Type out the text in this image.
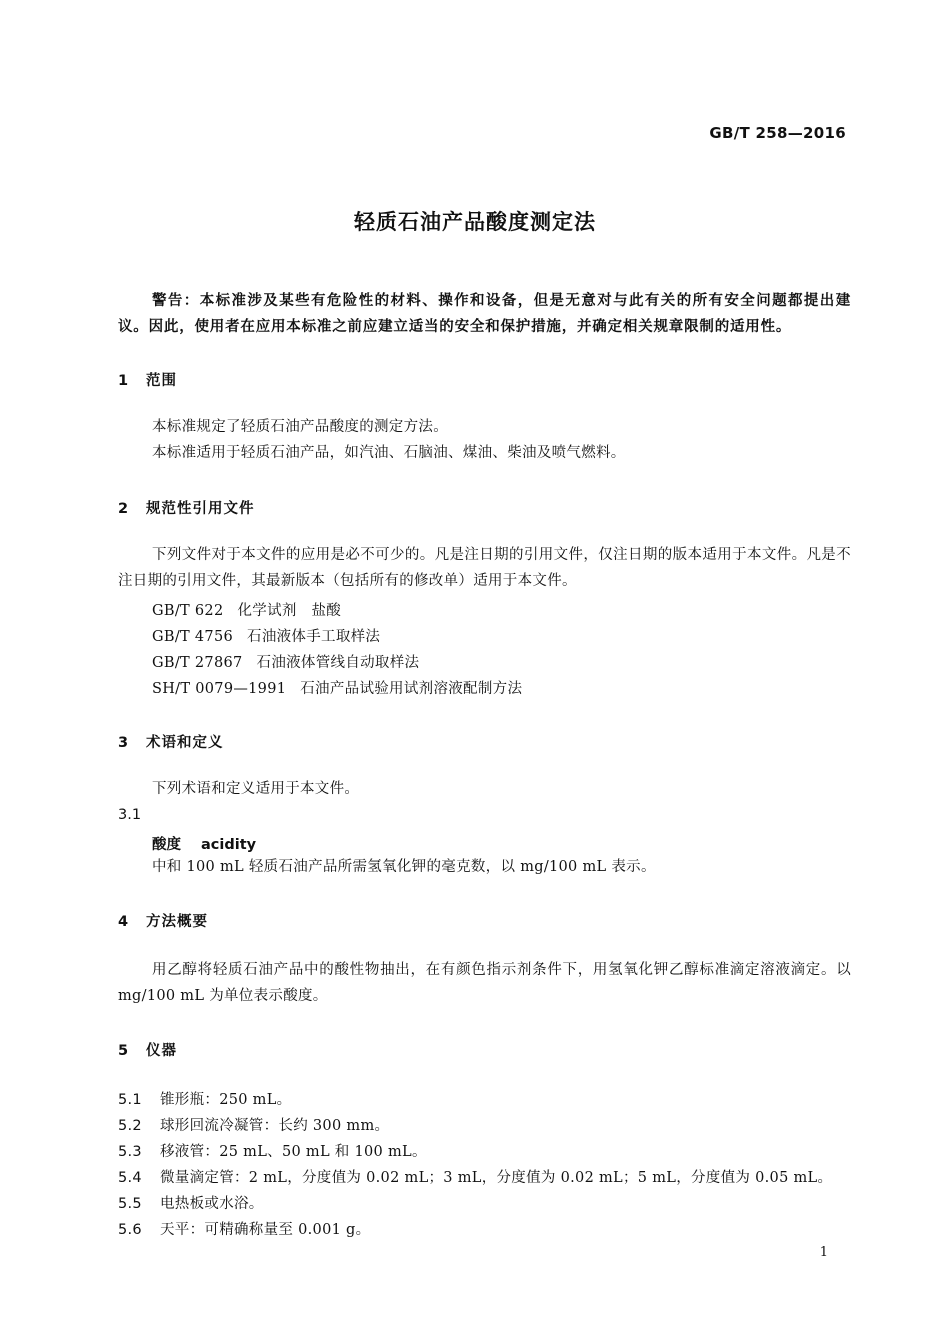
GB/T 258—2016
轻质石油产品酸度测定法
警告：本标准涉及某些有危险性的材料、操作和设备，但是无意对与此有关的所有安全问题都提出建议。因此，使用者在应用本标准之前应建立适当的安全和保护措施，并确定相关规章限制的适用性。
1 范围
本标准规定了轻质石油产品酸度的测定方法。
本标准适用于轻质石油产品，如汽油、石脑油、煤油、柴油及喷气燃料。
2 规范性引用文件
下列文件对于本文件的应用是必不可少的。凡是注日期的引用文件，仅注日期的版本适用于本文件。凡是不注日期的引用文件，其最新版本（包括所有的修改单）适用于本文件。
GB/T 622 化学试剂　盐酸
GB/T 4756 石油液体手工取样法
GB/T 27867 石油液体管线自动取样法
SH/T 0079—1991 石油产品试验用试剂溶液配制方法
3 术语和定义
下列术语和定义适用于本文件。
3.1
酸度 acidity
中和 100 mL 轻质石油产品所需氢氧化钾的毫克数，以 mg/100 mL 表示。
4 方法概要
用乙醇将轻质石油产品中的酸性物抽出，在有颜色指示剂条件下，用氢氧化钾乙醇标准滴定溶液滴定。以 mg/100 mL 为单位表示酸度。
5 仪器
5.1 锥形瓶：250 mL。
5.2 球形回流冷凝管：长约 300 mm。
5.3 移液管：25 mL、50 mL 和 100 mL。
5.4 微量滴定管：2 mL，分度值为 0.02 mL；3 mL，分度值为 0.02 mL；5 mL，分度值为 0.05 mL。
5.5 电热板或水浴。
5.6 天平：可精确称量至 0.001 g。
1
